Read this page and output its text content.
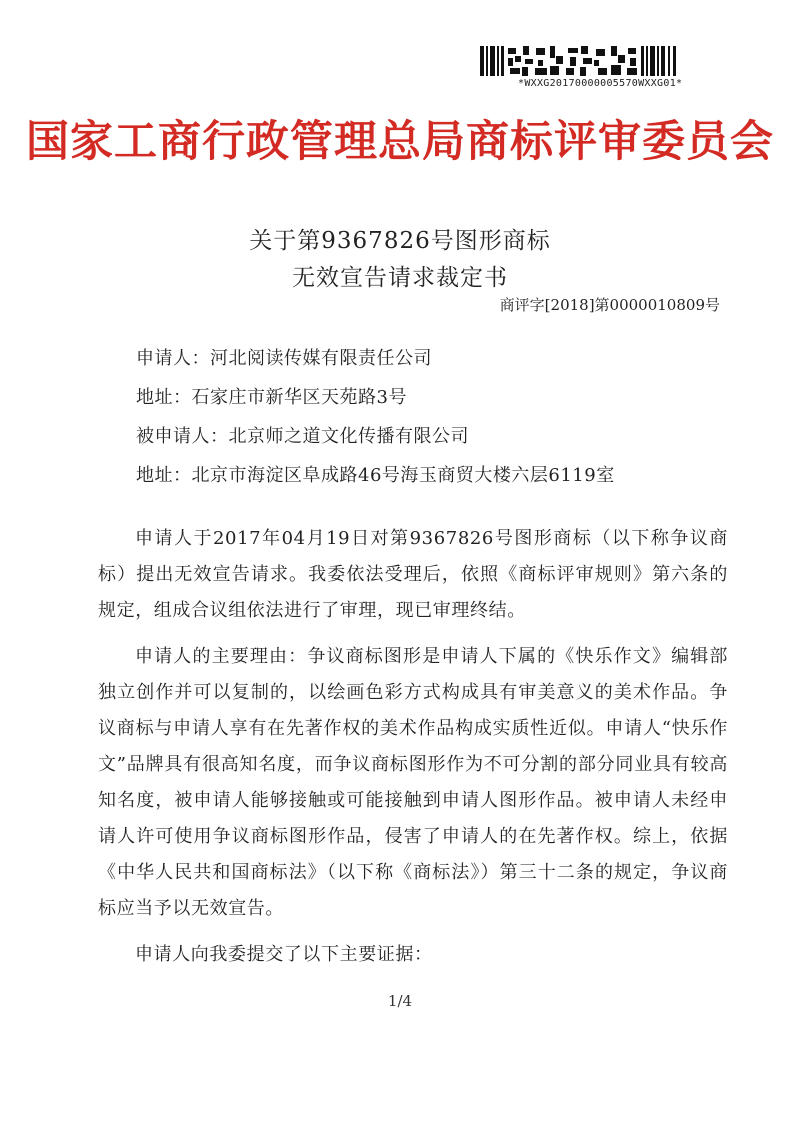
*WXXG20170000005570WXXG01*
国家工商行政管理总局商标评审委员会
关于第9367826号图形商标
无效宣告请求裁定书
商评字[2018]第0000010809号
申请人：河北阅读传媒有限责任公司
地址：石家庄市新华区天苑路3号
被申请人：北京师之道文化传播有限公司
地址：北京市海淀区阜成路46号海玉商贸大楼六层6119室

申请人于2017年04月19日对第9367826号图形商标（以下称争议商标）提出无效宣告请求。我委依法受理后，依照《商标评审规则》第六条的规定，组成合议组依法进行了审理，现已审理终结。

申请人的主要理由：争议商标图形是申请人下属的《快乐作文》编辑部独立创作并可以复制的，以绘画色彩方式构成具有审美意义的美术作品。争议商标与申请人享有在先著作权的美术作品构成实质性近似。申请人“快乐作文”品牌具有很高知名度，而争议商标图形作为不可分割的部分同业具有较高知名度，被申请人能够接触或可能接触到申请人图形作品。被申请人未经申请人许可使用争议商标图形作品，侵害了申请人的在先著作权。综上，依据《中华人民共和国商标法》（以下称《商标法》）第三十二条的规定，争议商标应当予以无效宣告。

申请人向我委提交了以下主要证据：

1/4
